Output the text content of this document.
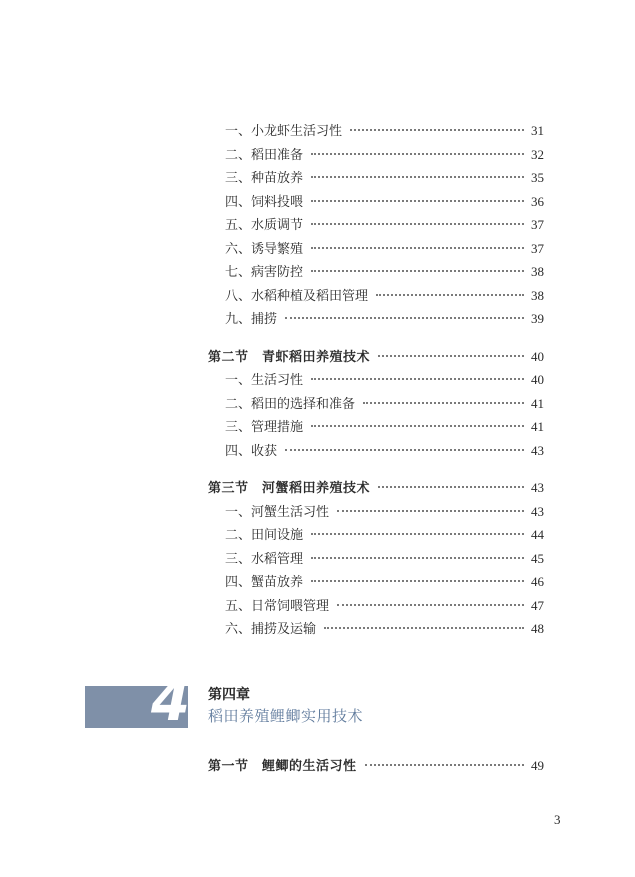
一、小龙虾生活习性	31
二、稻田准备	32
三、种苗放养	35
四、饲料投喂	36
五、水质调节	37
六、诱导繁殖	37
七、病害防控	38
八、水稻种植及稻田管理	38
九、捕捞	39
第二节　青虾稻田养殖技术	40
一、生活习性	40
二、稻田的选择和准备	41
三、管理措施	41
四、收获	43
第三节　河蟹稻田养殖技术	43
一、河蟹生活习性	43
二、田间设施	44
三、水稻管理	45
四、蟹苗放养	46
五、日常饲喂管理	47
六、捕捞及运输	48
4 第四章
稻田养殖鲤鲫实用技术
第一节　鲤鲫的生活习性	49
3
